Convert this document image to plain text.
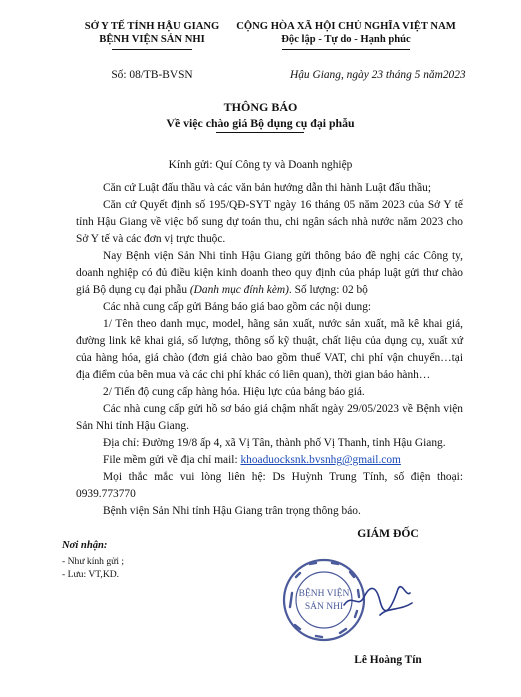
SỞ Y TẾ TỈNH HẬU GIANG
BỆNH VIỆN SẢN NHI
CỘNG HÒA XÃ HỘI CHỦ NGHĨA VIỆT NAM
Độc lập - Tự do - Hạnh phúc
Số: 08/TB-BVSN	Hậu Giang, ngày 23 tháng 5 năm2023
THÔNG BÁO
Về việc chào giá Bộ dụng cụ đại phẫu
Kính gửi: Quí Công ty và Doanh nghiệp
Căn cứ Luật đấu thầu và các văn bản hướng dẫn thi hành Luật đấu thầu;
Căn cứ Quyết định số 195/QĐ-SYT ngày 16 tháng 05 năm 2023 của Sở Y tế tỉnh Hậu Giang về việc bổ sung dự toán thu, chi ngân sách nhà nước năm 2023 cho Sở Y tế và các đơn vị trực thuộc.
Nay Bệnh viện Sản Nhi tỉnh Hậu Giang gửi thông báo đề nghị các Công ty, doanh nghiệp có đủ điều kiện kinh doanh theo quy định của pháp luật gửi thư chào giá Bộ dụng cụ đại phẫu (Danh mục đính kèm). Số lượng: 02 bộ
Các nhà cung cấp gửi Bảng báo giá bao gồm các nội dung:
1/ Tên theo danh mục, model, hãng sản xuất, nước sản xuất, mã kê khai giá, đường link kê khai giá, số lượng, thông số kỹ thuật, chất liệu của dụng cụ, xuất xứ của hàng hóa, giá chào (đơn giá chào bao gồm thuế VAT, chi phí vận chuyển…tại địa điểm của bên mua và các chi phí khác có liên quan), thời gian bảo hành…
2/ Tiến độ cung cấp hàng hóa. Hiệu lực của bảng báo giá.
Các nhà cung cấp gửi hồ sơ báo giá chậm nhất ngày 29/05/2023 về Bệnh viện Sản Nhi tỉnh Hậu Giang.
Địa chỉ: Đường 19/8 ấp 4, xã Vị Tân, thành phố Vị Thanh, tỉnh Hậu Giang.
File mềm gửi về địa chỉ mail: khoaduocksnk.bvsnhg@gmail.com
Mọi thắc mắc vui lòng liên hệ: Ds Huỳnh Trung Tính, số điện thoại: 0939.773770
Bệnh viện Sản Nhi tỉnh Hậu Giang trân trọng thông báo.
Nơi nhận:
- Như kính gửi ;
- Lưu: VT,KD.
GIÁM ĐỐC
BỆNH VIỆN
SẢN NHI
Lê Hoàng Tín
